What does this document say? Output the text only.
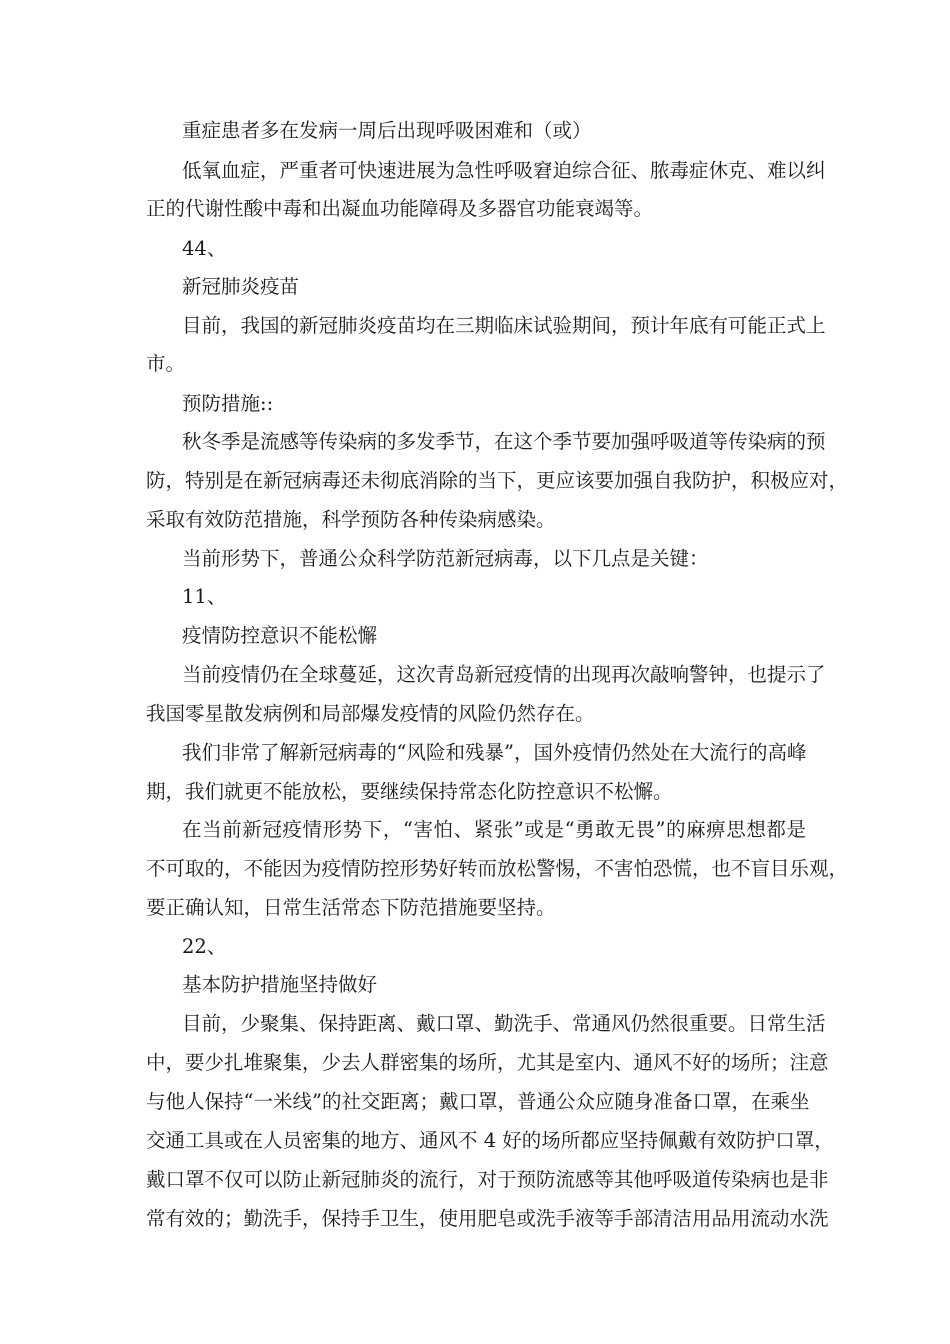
重症患者多在发病一周后出现呼吸困难和（或）
低氧血症，严重者可快速进展为急性呼吸窘迫综合征、脓毒症休克、难以纠
正的代谢性酸中毒和出凝血功能障碍及多器官功能衰竭等。
44、
新冠肺炎疫苗
目前，我国的新冠肺炎疫苗均在三期临床试验期间，预计年底有可能正式上
市。
预防措施::
秋冬季是流感等传染病的多发季节，在这个季节要加强呼吸道等传染病的预
防，特别是在新冠病毒还未彻底消除的当下，更应该要加强自我防护，积极应对，
采取有效防范措施，科学预防各种传染病感染。
当前形势下，普通公众科学防范新冠病毒，以下几点是关键：
11、
疫情防控意识不能松懈
当前疫情仍在全球蔓延，这次青岛新冠疫情的出现再次敲响警钟，也提示了
我国零星散发病例和局部爆发疫情的风险仍然存在。
我们非常了解新冠病毒的“风险和残暴”，国外疫情仍然处在大流行的高峰
期，我们就更不能放松，要继续保持常态化防控意识不松懈。
在当前新冠疫情形势下，“害怕、紧张”或是“勇敢无畏”的麻痹思想都是
不可取的，不能因为疫情防控形势好转而放松警惕，不害怕恐慌，也不盲目乐观，
要正确认知，日常生活常态下防范措施要坚持。
22、
基本防护措施坚持做好
目前，少聚集、保持距离、戴口罩、勤洗手、常通风仍然很重要。日常生活
中，要少扎堆聚集，少去人群密集的场所，尤其是室内、通风不好的场所；注意
与他人保持“一米线”的社交距离；戴口罩，普通公众应随身准备口罩，在乘坐
交通工具或在人员密集的地方、通风不 4 好的场所都应坚持佩戴有效防护口罩，
戴口罩不仅可以防止新冠肺炎的流行，对于预防流感等其他呼吸道传染病也是非
常有效的；勤洗手，保持手卫生，使用肥皂或洗手液等手部清洁用品用流动水洗
